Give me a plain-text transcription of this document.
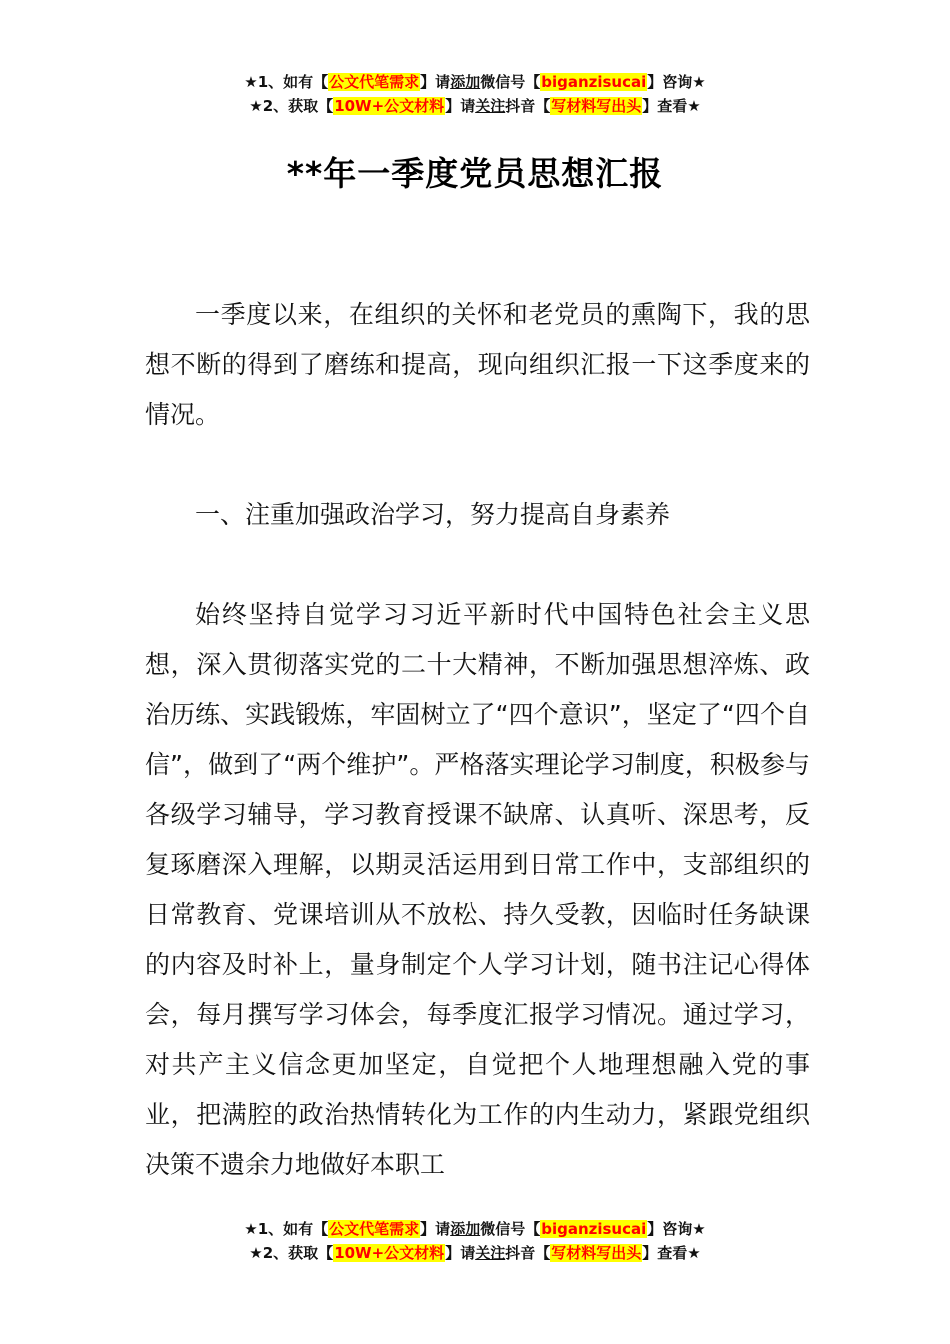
★1、如有【公文代笔需求】请添加微信号【biganzisucai】咨询★
★2、获取【10W+公文材料】请关注抖音【写材料写出头】查看★
**年一季度党员思想汇报

一季度以来，在组织的关怀和老党员的熏陶下，我的思想不断的得到了磨练和提高，现向组织汇报一下这季度来的情况。

一、注重加强政治学习，努力提高自身素养

始终坚持自觉学习习近平新时代中国特色社会主义思想，深入贯彻落实党的二十大精神，不断加强思想淬炼、政治历练、实践锻炼，牢固树立了“四个意识”，坚定了“四个自信”，做到了“两个维护”。严格落实理论学习制度，积极参与各级学习辅导，学习教育授课不缺席、认真听、深思考，反复琢磨深入理解，以期灵活运用到日常工作中，支部组织的日常教育、党课培训从不放松、持久受教，因临时任务缺课的内容及时补上，量身制定个人学习计划，随书注记心得体会，每月撰写学习体会，每季度汇报学习情况。通过学习，对共产主义信念更加坚定，自觉把个人地理想融入党的事业，把满腔的政治热情转化为工作的内生动力，紧跟党组织决策不遗余力地做好本职工

★1、如有【公文代笔需求】请添加微信号【biganzisucai】咨询★
★2、获取【10W+公文材料】请关注抖音【写材料写出头】查看★
